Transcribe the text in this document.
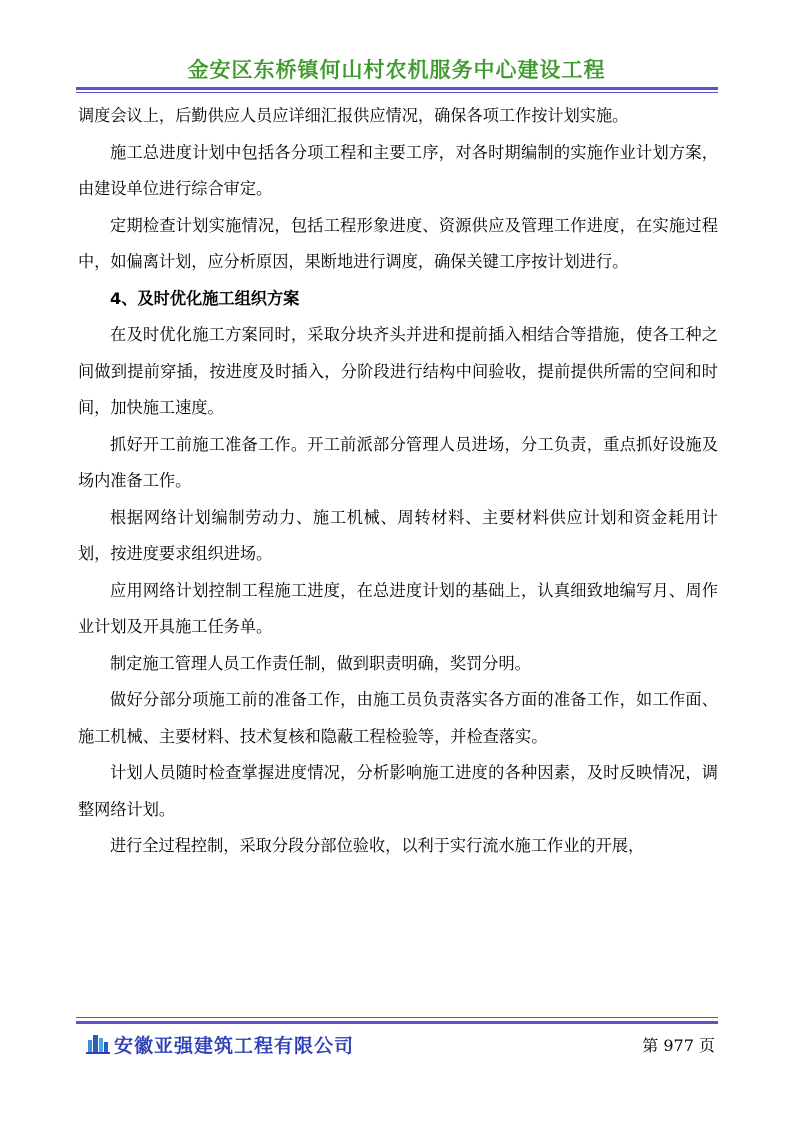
金安区东桥镇何山村农机服务中心建设工程

调度会议上，后勤供应人员应详细汇报供应情况，确保各项工作按计划实施。

施工总进度计划中包括各分项工程和主要工序，对各时期编制的实施作业计划方案，由建设单位进行综合审定。

定期检查计划实施情况，包括工程形象进度、资源供应及管理工作进度，在实施过程中，如偏离计划，应分析原因，果断地进行调度，确保关键工序按计划进行。

4、及时优化施工组织方案

在及时优化施工方案同时，采取分块齐头并进和提前插入相结合等措施，使各工种之间做到提前穿插，按进度及时插入，分阶段进行结构中间验收，提前提供所需的空间和时间，加快施工速度。

抓好开工前施工准备工作。开工前派部分管理人员进场，分工负责，重点抓好设施及场内准备工作。

根据网络计划编制劳动力、施工机械、周转材料、主要材料供应计划和资金耗用计划，按进度要求组织进场。

应用网络计划控制工程施工进度，在总进度计划的基础上，认真细致地编写月、周作业计划及开具施工任务单。

制定施工管理人员工作责任制，做到职责明确，奖罚分明。

做好分部分项施工前的准备工作，由施工员负责落实各方面的准备工作，如工作面、施工机械、主要材料、技术复核和隐蔽工程检验等，并检查落实。

计划人员随时检查掌握进度情况，分析影响施工进度的各种因素，及时反映情况，调整网络计划。

进行全过程控制，采取分段分部位验收，以利于实行流水施工作业的开展，

安徽亚强建筑工程有限公司	第 977 页
